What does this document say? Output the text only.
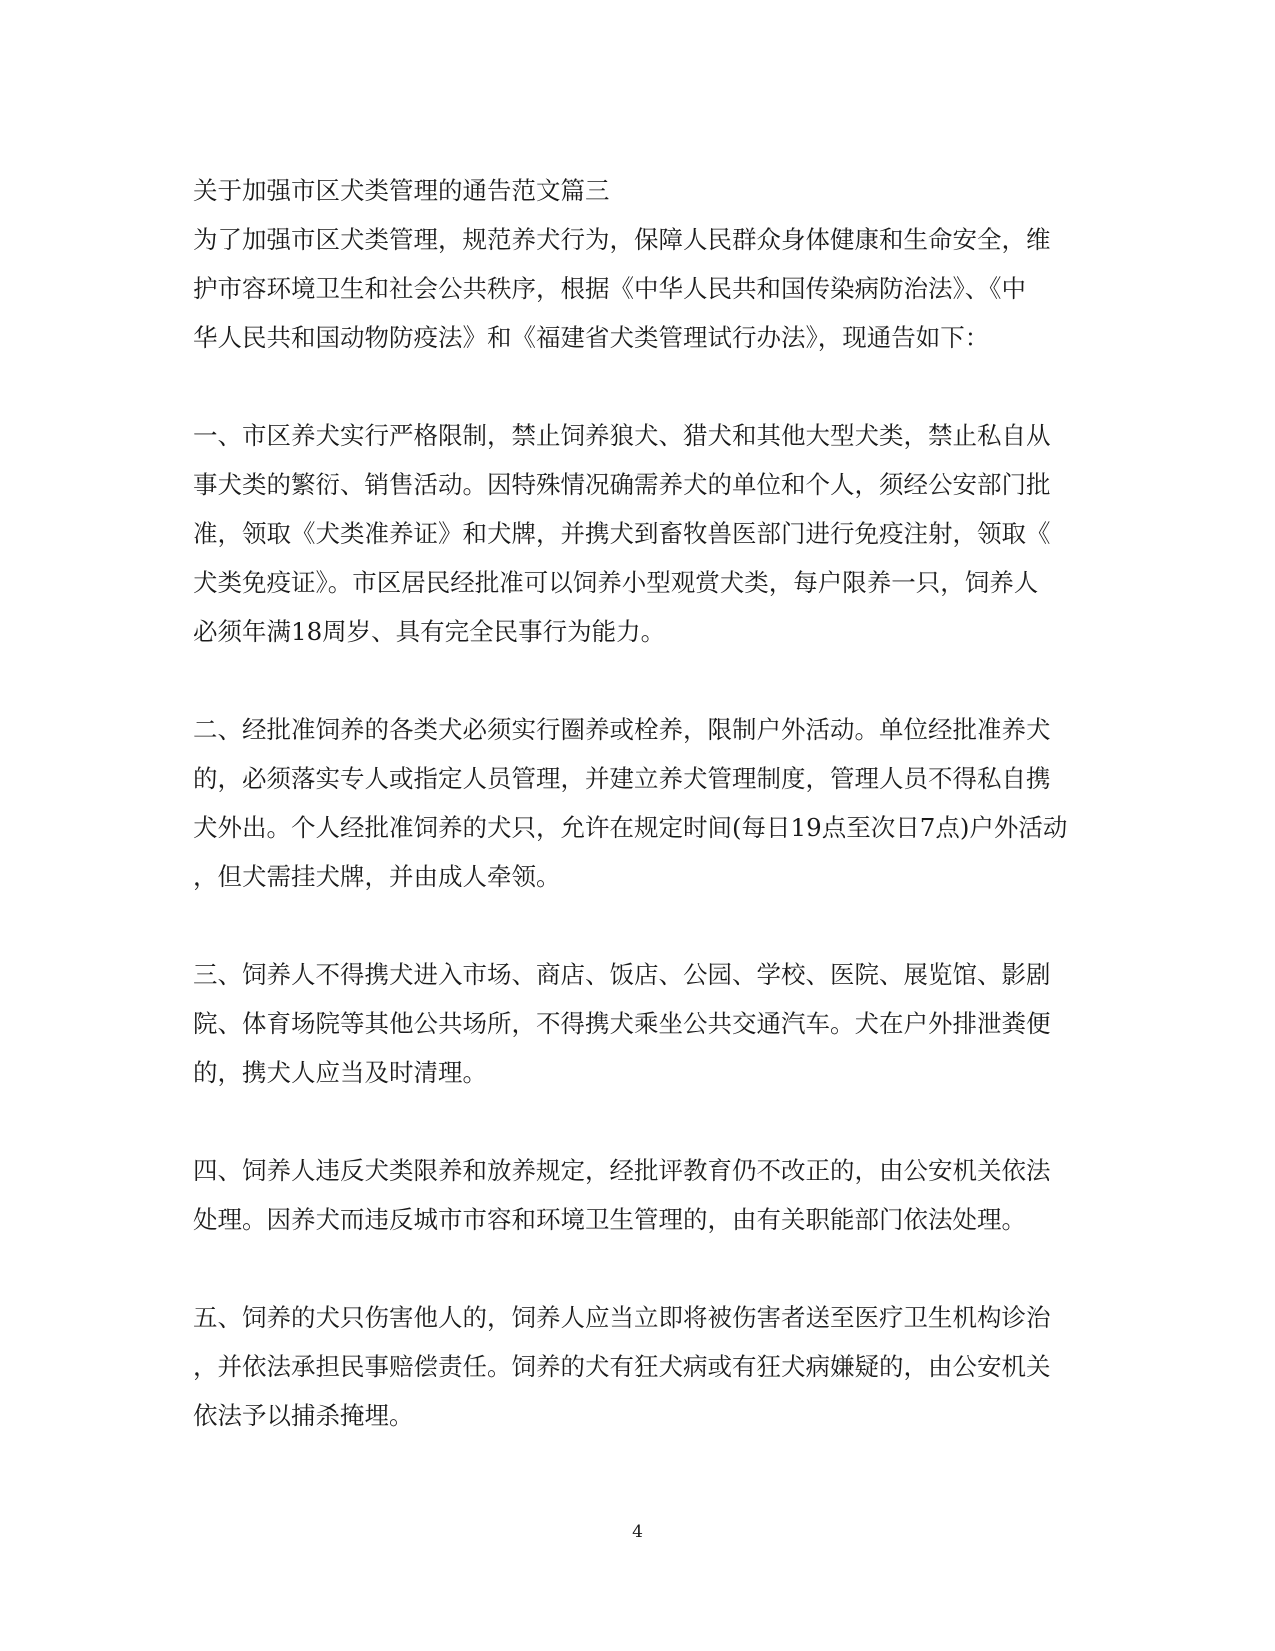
关于加强市区犬类管理的通告范文篇三

为了加强市区犬类管理，规范养犬行为，保障人民群众身体健康和生命安全，维
护市容环境卫生和社会公共秩序，根据《中华人民共和国传染病防治法》、《中
华人民共和国动物防疫法》和《福建省犬类管理试行办法》，现通告如下：

一、市区养犬实行严格限制，禁止饲养狼犬、猎犬和其他大型犬类，禁止私自从
事犬类的繁衍、销售活动。因特殊情况确需养犬的单位和个人，须经公安部门批
准，领取《犬类准养证》和犬牌，并携犬到畜牧兽医部门进行免疫注射，领取《
犬类免疫证》。市区居民经批准可以饲养小型观赏犬类，每户限养一只，饲养人
必须年满18周岁、具有完全民事行为能力。

二、经批准饲养的各类犬必须实行圈养或栓养，限制户外活动。单位经批准养犬
的，必须落实专人或指定人员管理，并建立养犬管理制度，管理人员不得私自携
犬外出。个人经批准饲养的犬只，允许在规定时间(每日19点至次日7点)户外活动
，但犬需挂犬牌，并由成人牵领。

三、饲养人不得携犬进入市场、商店、饭店、公园、学校、医院、展览馆、影剧
院、体育场院等其他公共场所，不得携犬乘坐公共交通汽车。犬在户外排泄粪便
的，携犬人应当及时清理。

四、饲养人违反犬类限养和放养规定，经批评教育仍不改正的，由公安机关依法
处理。因养犬而违反城市市容和环境卫生管理的，由有关职能部门依法处理。

五、饲养的犬只伤害他人的，饲养人应当立即将被伤害者送至医疗卫生机构诊治
，并依法承担民事赔偿责任。饲养的犬有狂犬病或有狂犬病嫌疑的，由公安机关
依法予以捕杀掩埋。

4
